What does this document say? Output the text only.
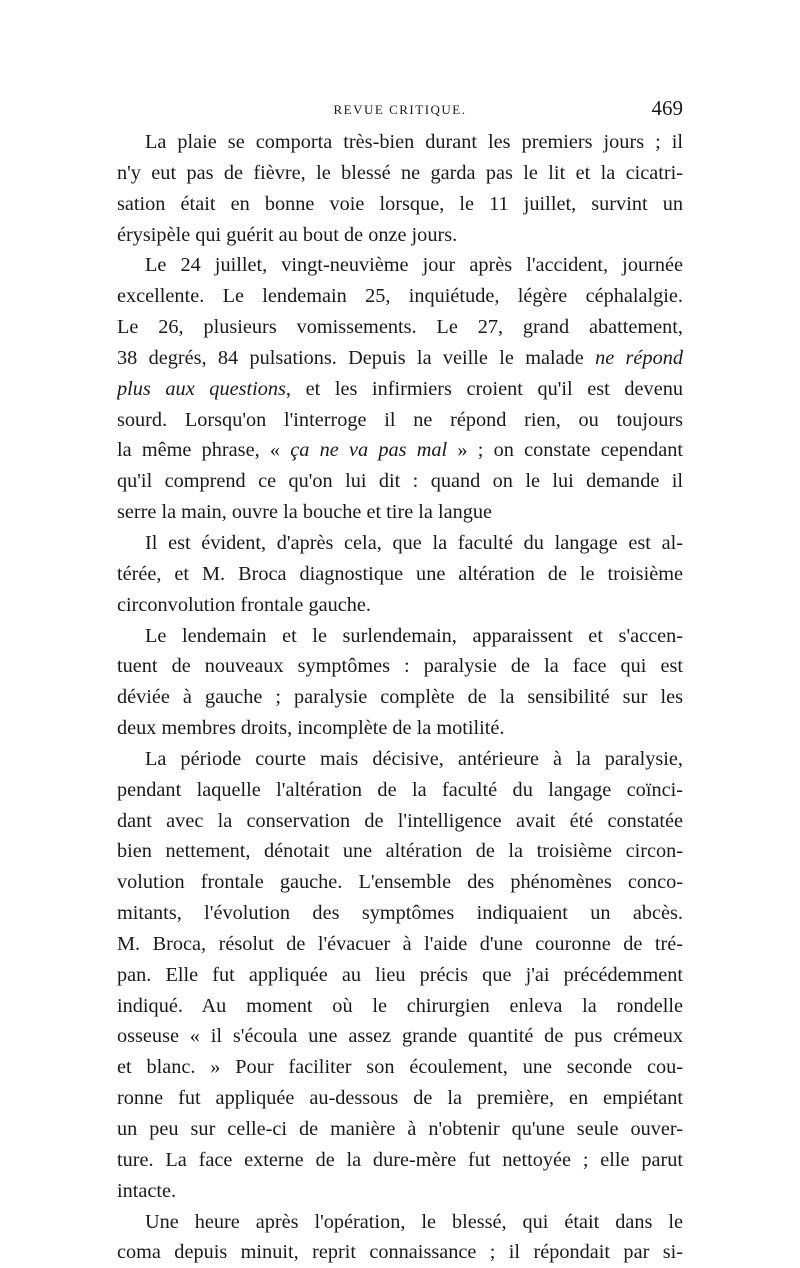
REVUE CRITIQUE.	469
La plaie se comporta très-bien durant les premiers jours ; il
n'y eut pas de fièvre, le blessé ne garda pas le lit et la cicatri-
sation était en bonne voie lorsque, le 11 juillet, survint un
érysipèle qui guérit au bout de onze jours.
Le 24 juillet, vingt-neuvième jour après l'accident, journée
excellente. Le lendemain 25, inquiétude, légère céphalalgie.
Le 26, plusieurs vomissements. Le 27, grand abattement,
38 degrés, 84 pulsations. Depuis la veille le malade ne répond
plus aux questions, et les infirmiers croient qu'il est devenu
sourd. Lorsqu'on l'interroge il ne répond rien, ou toujours
la même phrase, « ça ne va pas mal » ; on constate cependant
qu'il comprend ce qu'on lui dit : quand on le lui demande il
serre la main, ouvre la bouche et tire la langue
Il est évident, d'après cela, que la faculté du langage est al-
térée, et M. Broca diagnostique une altération de le troisième
circonvolution frontale gauche.
Le lendemain et le surlendemain, apparaissent et s'accen-
tuent de nouveaux symptômes : paralysie de la face qui est
déviée à gauche ; paralysie complète de la sensibilité sur les
deux membres droits, incomplète de la motilité.
La période courte mais décisive, antérieure à la paralysie,
pendant laquelle l'altération de la faculté du langage coïnci-
dant avec la conservation de l'intelligence avait été constatée
bien nettement, dénotait une altération de la troisième circon-
volution frontale gauche. L'ensemble des phénomènes conco-
mitants, l'évolution des symptômes indiquaient un abcès.
M. Broca, résolut de l'évacuer à l'aide d'une couronne de tré-
pan. Elle fut appliquée au lieu précis que j'ai précédemment
indiqué. Au moment où le chirurgien enleva la rondelle
osseuse « il s'écoula une assez grande quantité de pus crémeux
et blanc. » Pour faciliter son écoulement, une seconde cou-
ronne fut appliquée au-dessous de la première, en empiétant
un peu sur celle-ci de manière à n'obtenir qu'une seule ouver-
ture. La face externe de la dure-mère fut nettoyée ; elle parut
intacte.
Une heure après l'opération, le blessé, qui était dans le
coma depuis minuit, reprit connaissance ; il répondait par si-
